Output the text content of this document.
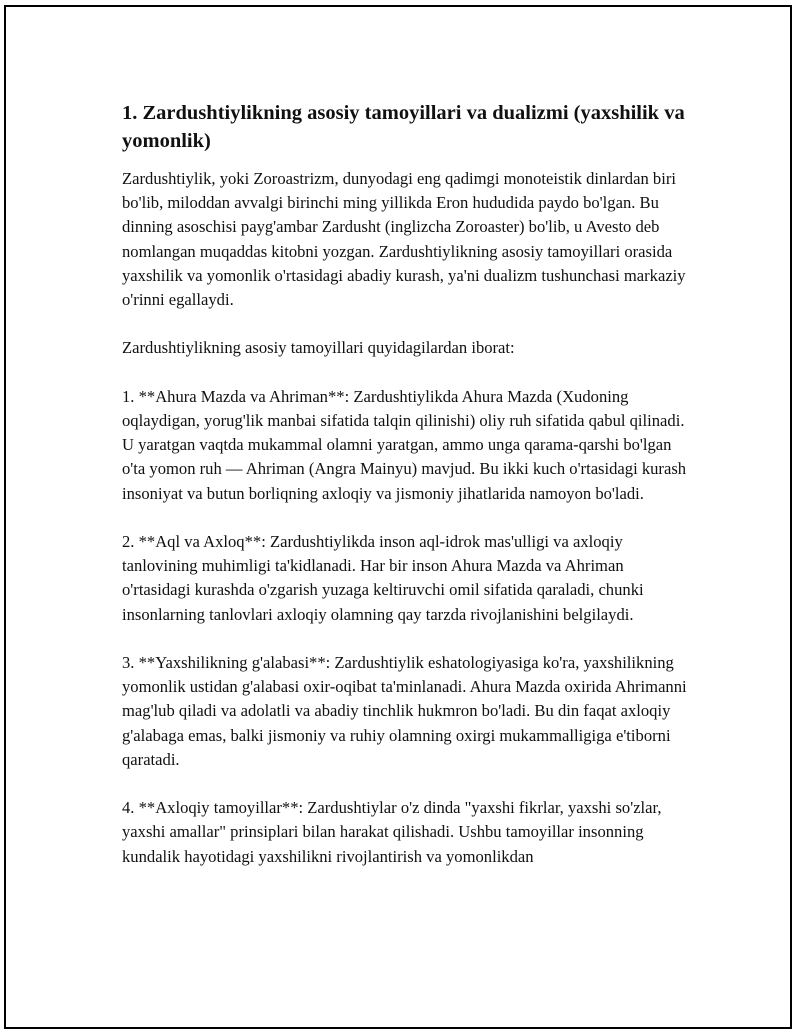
1. Zardushtiylikning asosiy tamoyillari va dualizmi (yaxshilik va yomonlik)

Zardushtiylik, yoki Zoroastrizm, dunyodagi eng qadimgi monoteistik dinlardan biri bo'lib, miloddan avvalgi birinchi ming yillikda Eron hududida paydo bo'lgan. Bu dinning asoschisi payg'ambar Zardusht (inglizcha Zoroaster) bo'lib, u Avesto deb nomlangan muqaddas kitobni yozgan. Zardushtiylikning asosiy tamoyillari orasida yaxshilik va yomonlik o'rtasidagi abadiy kurash, ya'ni dualizm tushunchasi markaziy o'rinni egallaydi.

Zardushtiylikning asosiy tamoyillari quyidagilardan iborat:

1. **Ahura Mazda va Ahriman**: Zardushtiylikda Ahura Mazda (Xudoning oqlaydigan, yorug'lik manbai sifatida talqin qilinishi) oliy ruh sifatida qabul qilinadi. U yaratgan vaqtda mukammal olamni yaratgan, ammo unga qarama-qarshi bo'lgan o'ta yomon ruh — Ahriman (Angra Mainyu) mavjud. Bu ikki kuch o'rtasidagi kurash insoniyat va butun borliqning axloqiy va jismoniy jihatlarida namoyon bo'ladi.

2. **Aql va Axloq**: Zardushtiylikda inson aql-idrok mas'ulligi va axloqiy tanlovining muhimligi ta'kidlanadi. Har bir inson Ahura Mazda va Ahriman o'rtasidagi kurashda o'zgarish yuzaga keltiruvchi omil sifatida qaraladi, chunki insonlarning tanlovlari axloqiy olamning qay tarzda rivojlanishini belgilaydi.

3. **Yaxshilikning g'alabasi**: Zardushtiylik eshatologiyasiga ko'ra, yaxshilikning yomonlik ustidan g'alabasi oxir-oqibat ta'minlanadi. Ahura Mazda oxirida Ahrimanni mag'lub qiladi va adolatli va abadiy tinchlik hukmron bo'ladi. Bu din faqat axloqiy g'alabaga emas, balki jismoniy va ruhiy olamning oxirgi mukammalligiga e'tiborni qaratadi.

4. **Axloqiy tamoyillar**: Zardushtiylar o'z dinda "yaxshi fikrlar, yaxshi so'zlar, yaxshi amallar" prinsiplari bilan harakat qilishadi. Ushbu tamoyillar insonning kundalik hayotidagi yaxshilikni rivojlantirish va yomonlikdan
